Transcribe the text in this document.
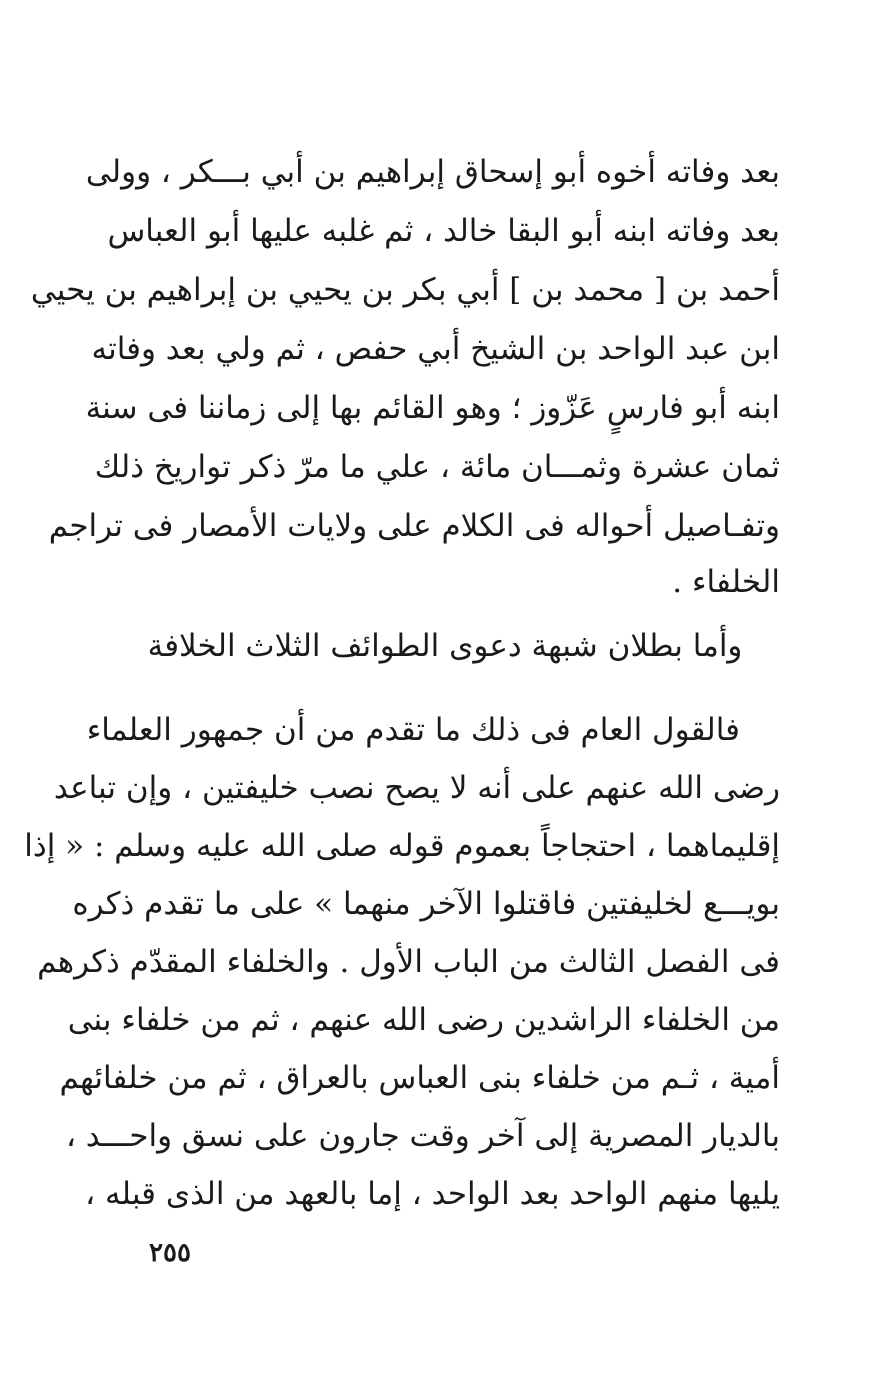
بعد وفاته أخوه أبو إسحاق إبراهيم بن أبي بـــكر ، وولى
بعد وفاته ابنه أبو البقا خالد ، ثم غلبه عليها أبو العباس
أحمد بن [ محمد بن ] أبي بكر بن يحيي بن إبراهيم بن يحيي
ابن عبد الواحد بن الشيخ أبي حفص ، ثم ولي بعد وفاته
ابنه أبو فارسٍ عَزّوز ؛ وهو القائم بها إلى زماننا فى سنة
ثمان عشرة وثمـــان مائة ، علي ما مرّ ذكر تواريخ ذلك
وتفـاصيل أحواله فى الكلام على ولايات الأمصار فى تراجم
الخلفاء .
وأما بطلان شبهة دعوى الطوائف الثلاث الخلافة
فالقول العام فى ذلك ما تقدم من أن جمهور العلماء
رضى الله عنهم على أنه لا يصح نصب خليفتين ، وإن تباعد
إقليماهما ، احتجاجاً بعموم قوله صلى الله عليه وسلم : « إذا
بويـــع لخليفتين فاقتلوا الآخر منهما » على ما تقدم ذكره
فى الفصل الثالث من الباب الأول . والخلفاء المقدّم ذكرهم
من الخلفاء الراشدين رضى الله عنهم ، ثم من خلفاء بنى
أمية ، ثـم من خلفاء بنى العباس بالعراق ، ثم من خلفائهم
بالديار المصرية إلى آخر وقت جارون على نسق واحـــد ،
يليها منهم الواحد بعد الواحد ، إما بالعهد من الذى قبله ،
٢٥٥
